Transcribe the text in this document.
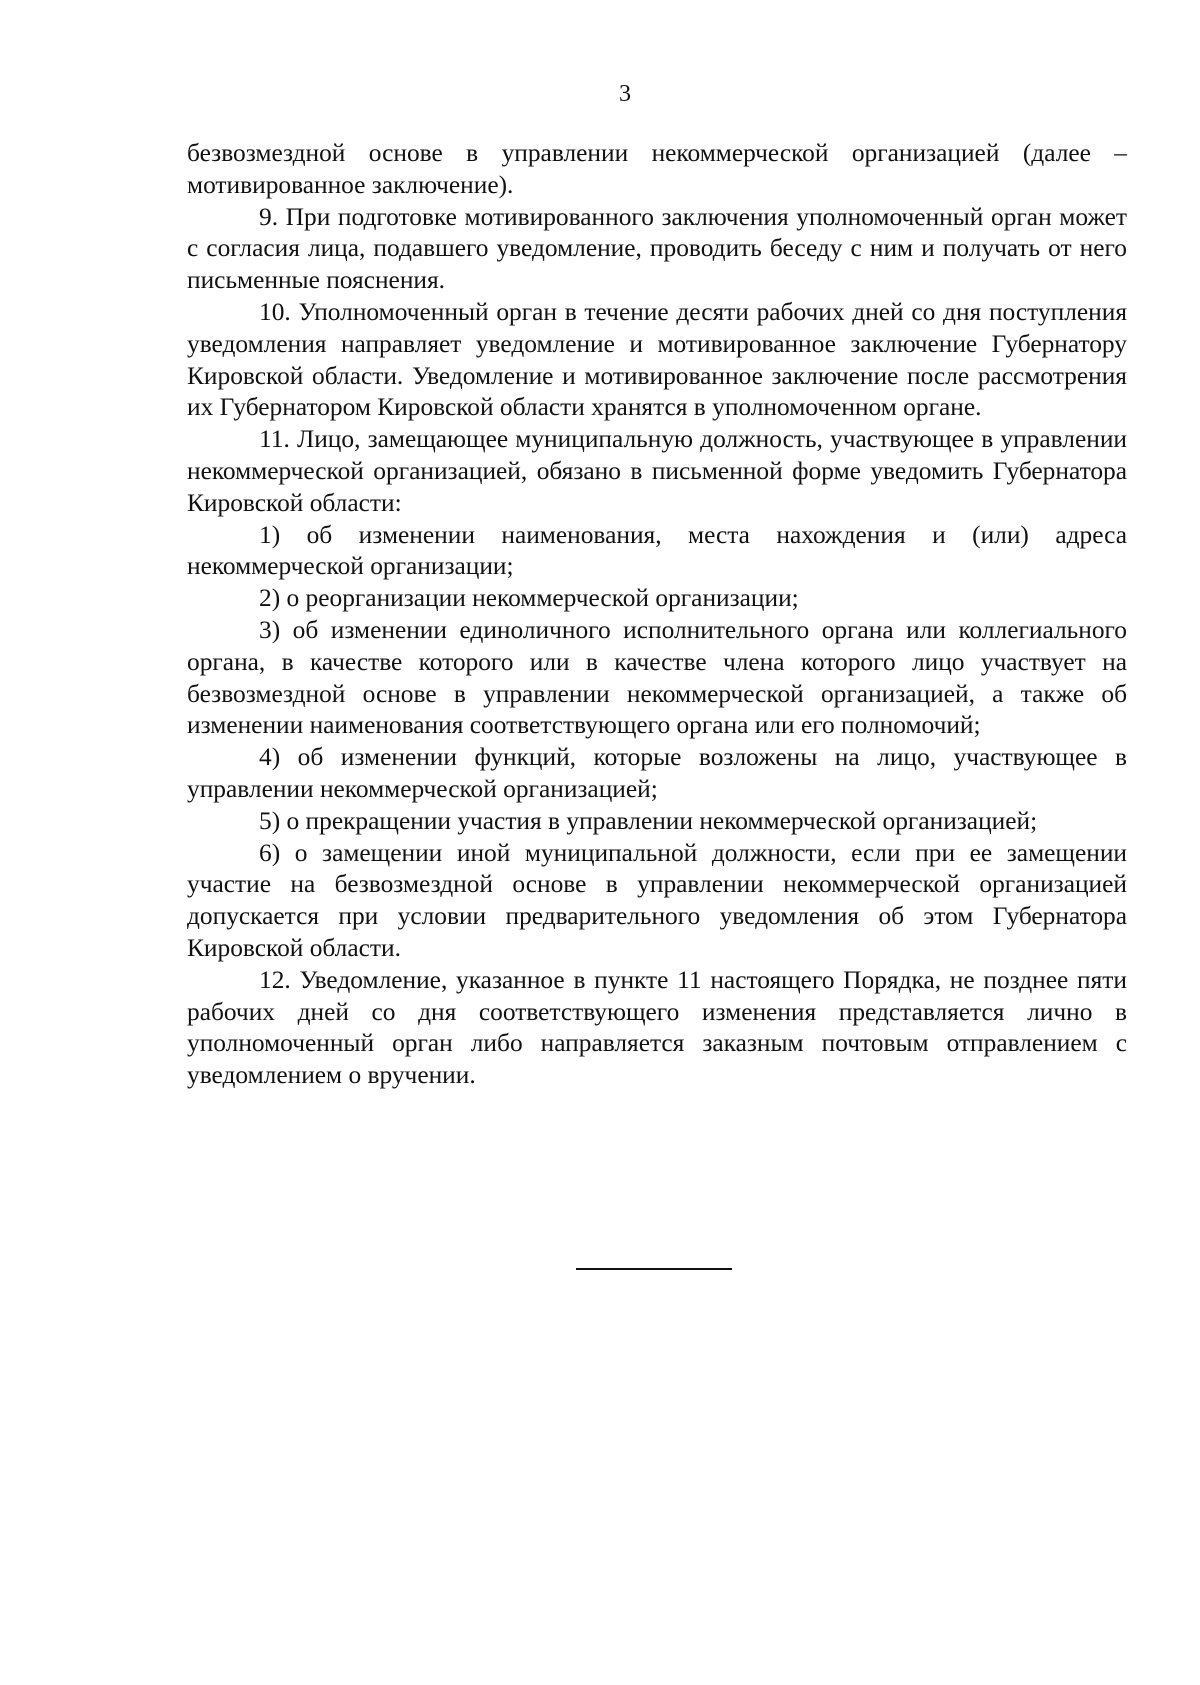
3

безвозмездной основе в управлении некоммерческой организацией (далее – мотивированное заключение).

9. При подготовке мотивированного заключения уполномоченный орган может с согласия лица, подавшего уведомление, проводить беседу с ним и получать от него письменные пояснения.

10. Уполномоченный орган в течение десяти рабочих дней со дня поступления уведомления направляет уведомление и мотивированное заключение Губернатору Кировской области. Уведомление и мотивированное заключение после рассмотрения их Губернатором Кировской области хранятся в уполномоченном органе.

11. Лицо, замещающее муниципальную должность, участвующее в управлении некоммерческой организацией, обязано в письменной форме уведомить Губернатора Кировской области:

1) об изменении наименования, места нахождения и (или) адреса некоммерческой организации;

2) о реорганизации некоммерческой организации;

3) об изменении единоличного исполнительного органа или коллегиального органа, в качестве которого или в качестве члена которого лицо участвует на безвозмездной основе в управлении некоммерческой организацией, а также об изменении наименования соответствующего органа или его полномочий;

4) об изменении функций, которые возложены на лицо, участвующее в управлении некоммерческой организацией;

5) о прекращении участия в управлении некоммерческой организацией;

6) о замещении иной муниципальной должности, если при ее замещении участие на безвозмездной основе в управлении некоммерческой организацией допускается при условии предварительного уведомления об этом Губернатора Кировской области.

12. Уведомление, указанное в пункте 11 настоящего Порядка, не позднее пяти рабочих дней со дня соответствующего изменения представляется лично в уполномоченный орган либо направляется заказным почтовым отправлением с уведомлением о вручении.
